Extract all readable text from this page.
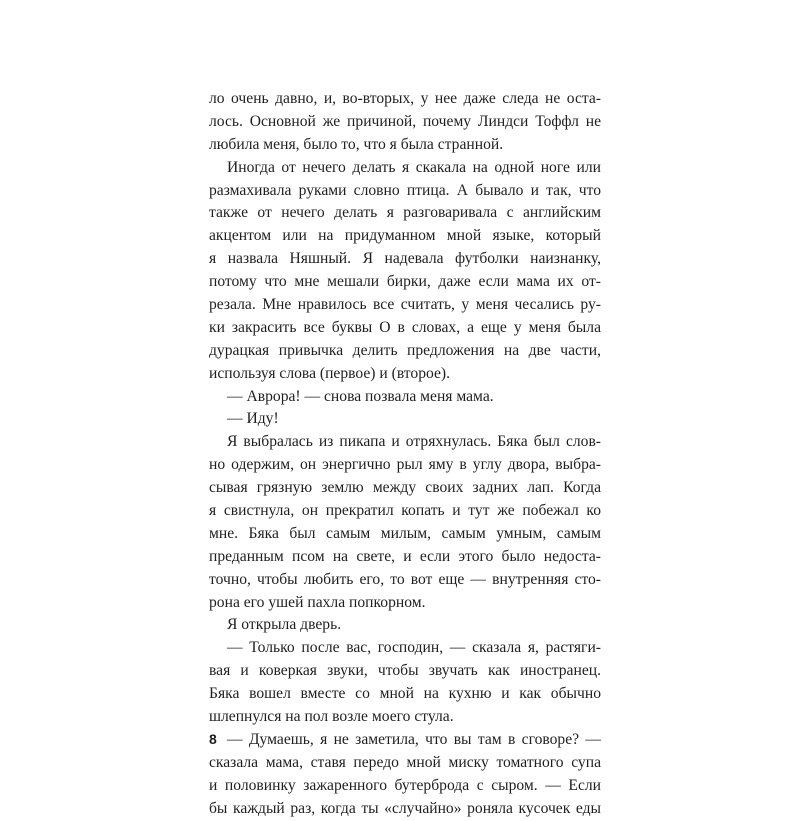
ло очень давно, и, во-вторых, у нее даже следа не оста-
лось. Основной же причиной, почему Линдси Тоффл не
любила меня, было то, что я была странной.
Иногда от нечего делать я скакала на одной ноге или
размахивала руками словно птица. А бывало и так, что
также от нечего делать я разговаривала с английским
акцентом или на придуманном мной языке, который
я назвала Няшный. Я надевала футболки наизнанку,
потому что мне мешали бирки, даже если мама их от-
резала. Мне нравилось все считать, у меня чесались ру-
ки закрасить все буквы О в словах, а еще у меня была
дурацкая привычка делить предложения на две части,
используя слова (первое) и (второе).
— Аврора! — снова позвала меня мама.
— Иду!
Я выбралась из пикапа и отряхнулась. Бяка был слов-
но одержим, он энергично рыл яму в углу двора, выбра-
сывая грязную землю между своих задних лап. Когда
я свистнула, он прекратил копать и тут же побежал ко
мне. Бяка был самым милым, самым умным, самым
преданным псом на свете, и если этого было недоста-
точно, чтобы любить его, то вот еще — внутренняя сто-
рона его ушей пахла попкорном.
Я открыла дверь.
— Только после вас, господин, — сказала я, растяги-
вая и коверкая звуки, чтобы звучать как иностранец.
Бяка вошел вместе со мной на кухню и как обычно
шлепнулся на пол возле моего стула.
— Думаешь, я не заметила, что вы там в сговоре? —
сказала мама, ставя передо мной миску томатного супа
и половинку зажаренного бутерброда с сыром. — Если
бы каждый раз, когда ты «случайно» роняла кусочек еды
8
